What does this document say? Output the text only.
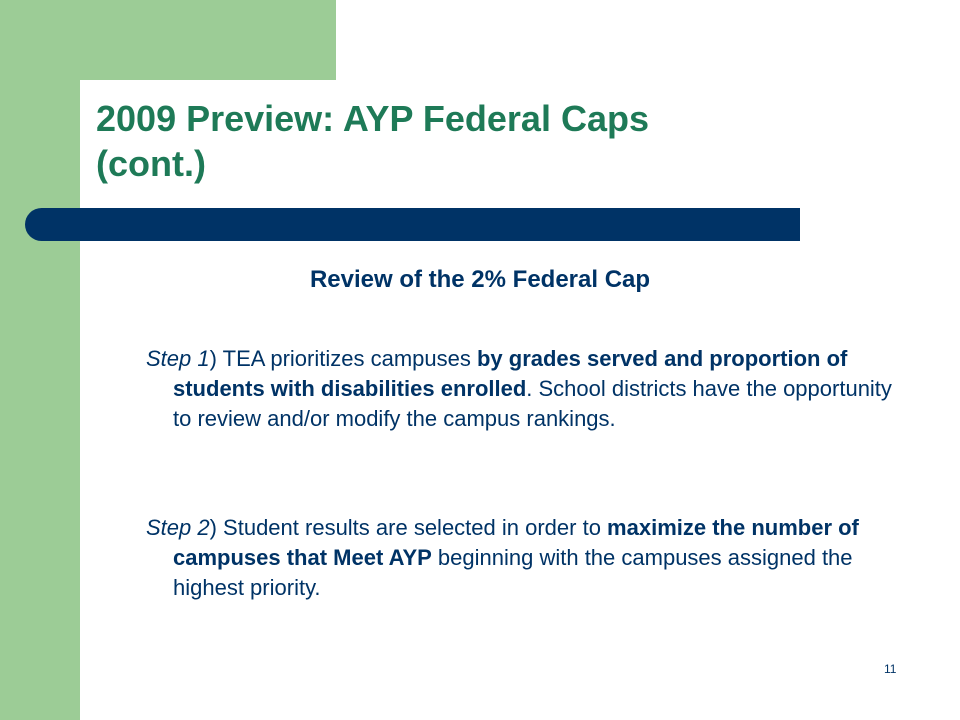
2009 Preview: AYP Federal Caps
(cont.)
Review of the 2% Federal Cap
Step 1) TEA prioritizes campuses by grades served and proportion of students with disabilities enrolled. School districts have the opportunity to review and/or modify the campus rankings.
Step 2) Student results are selected in order to maximize the number of campuses that Meet AYP beginning with the campuses assigned the highest priority.
11
